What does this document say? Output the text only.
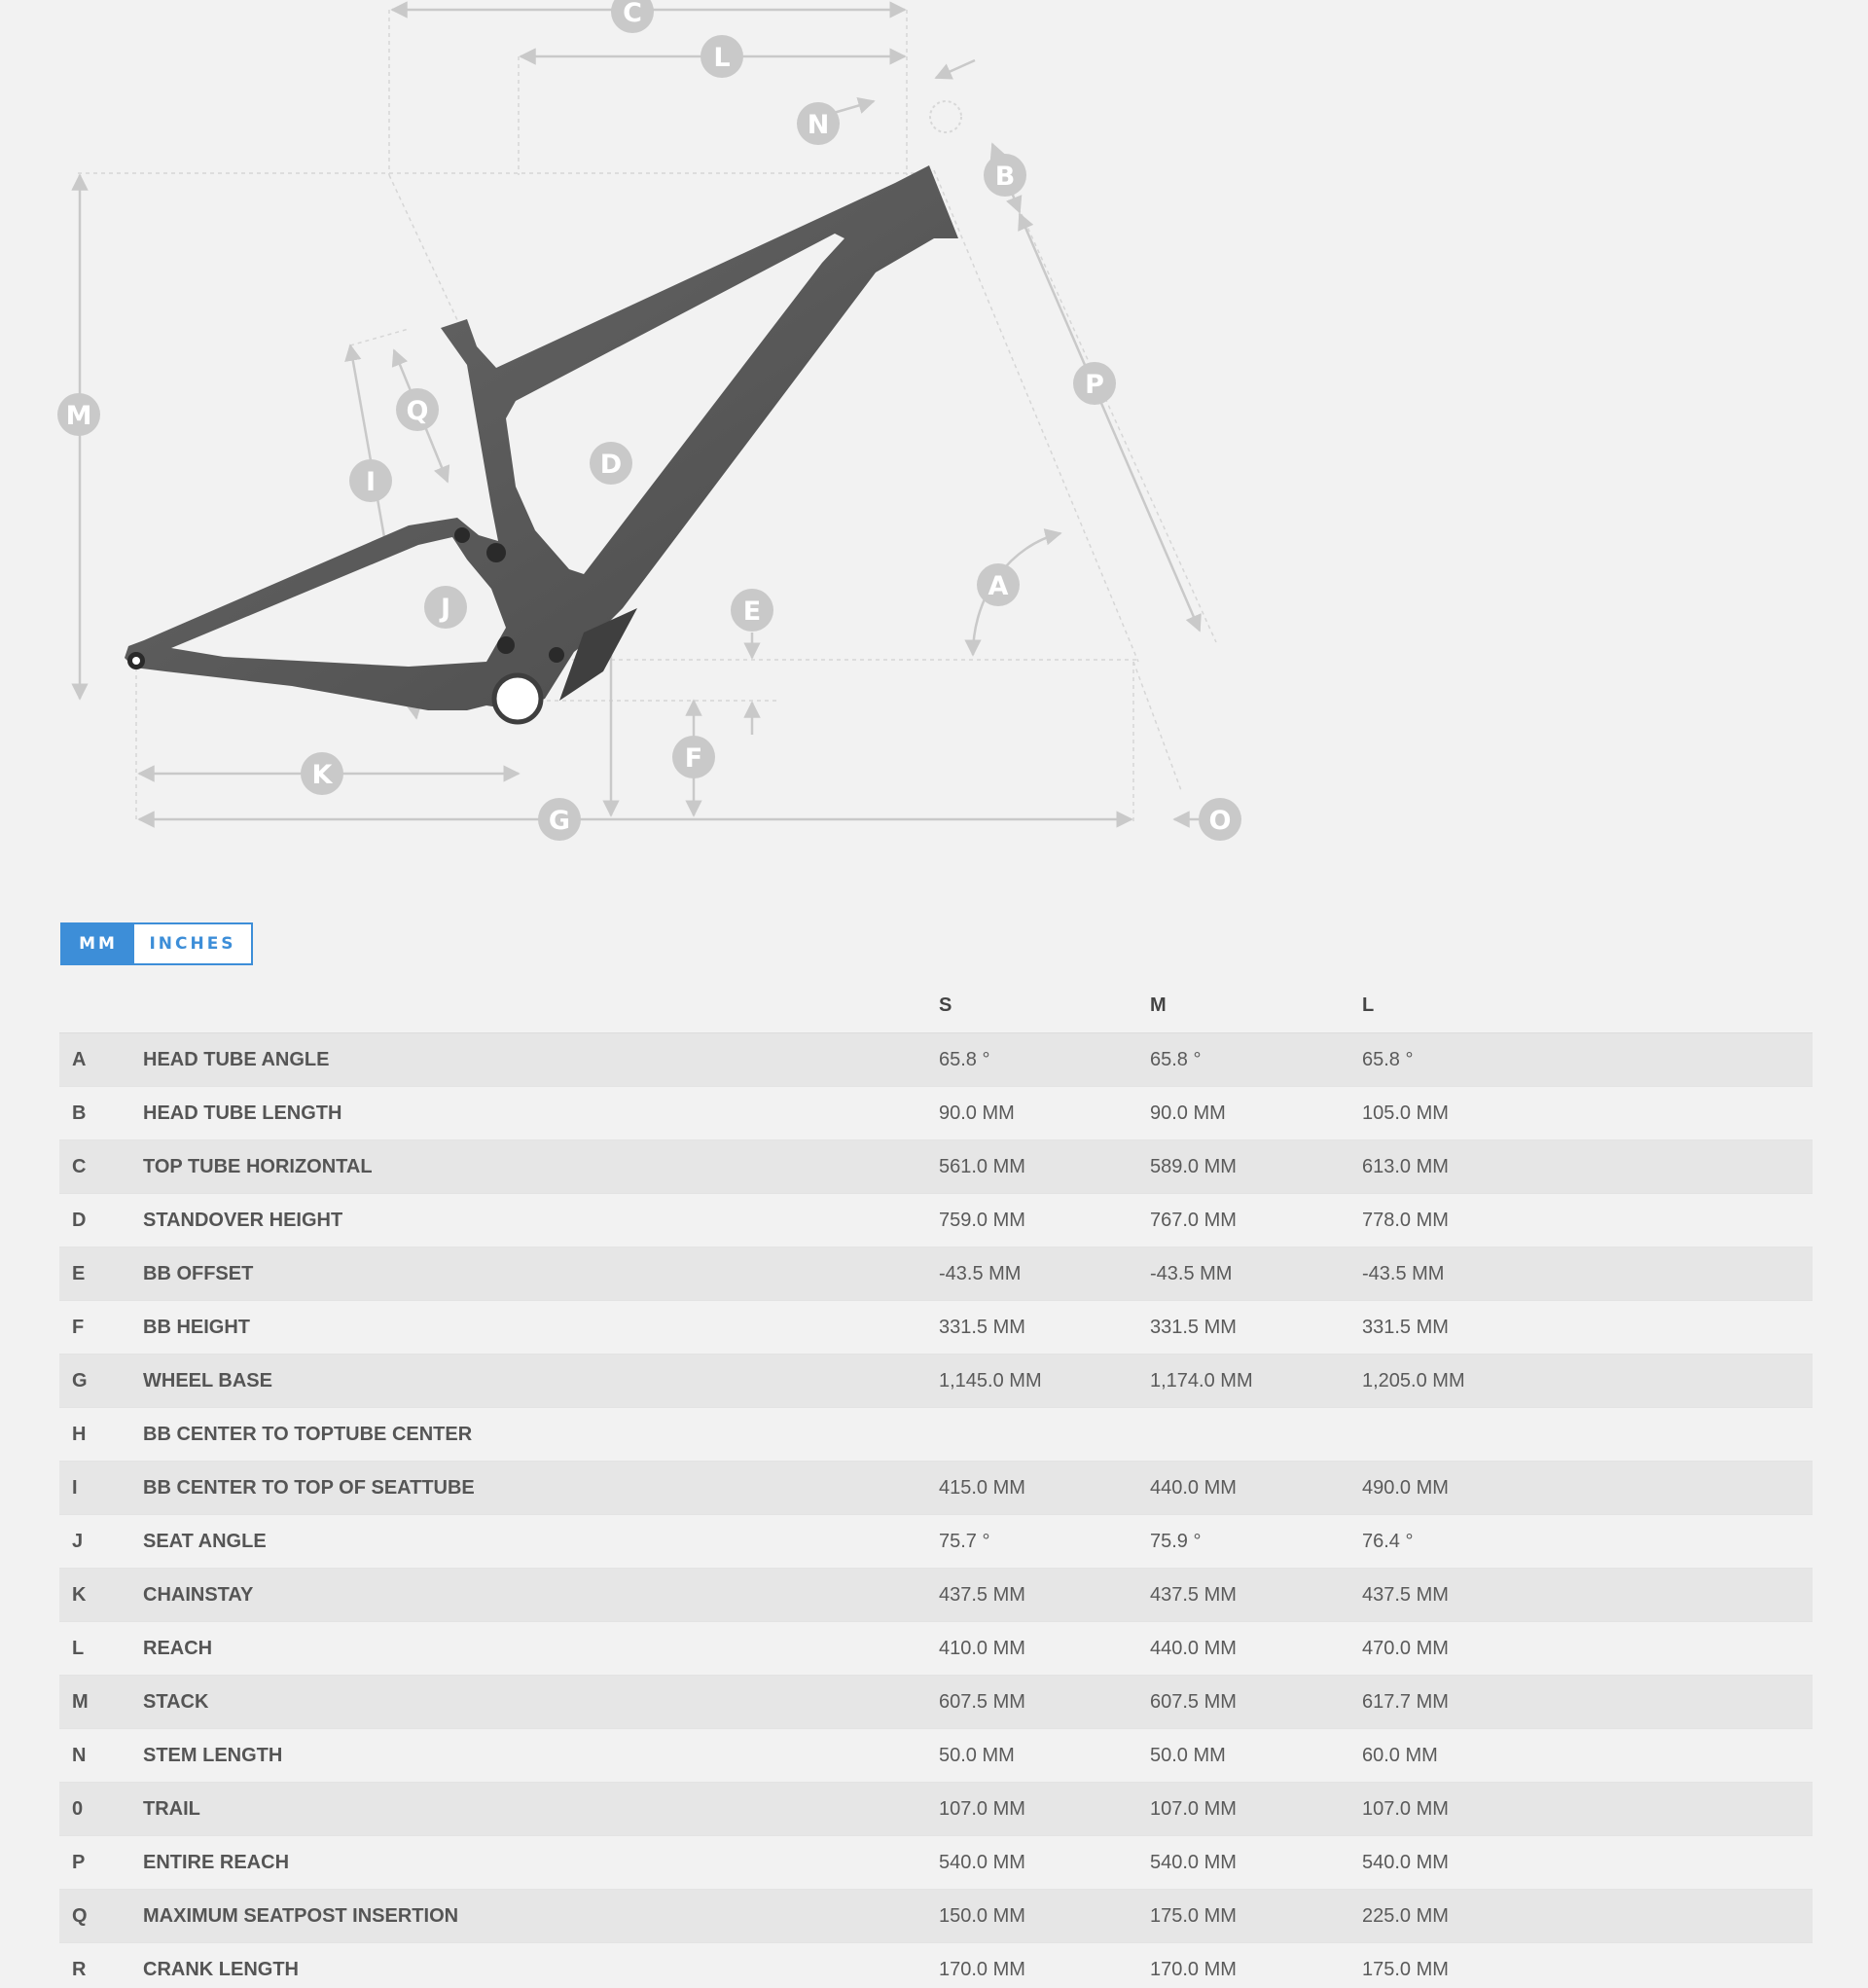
C
L
N
B
M	Q
I
D
P
A
J	E
F
K
G	O
MM	INCHES
S	M	L
A	HEAD TUBE ANGLE	65.8 °	65.8 °	65.8 °
B	HEAD TUBE LENGTH	90.0 MM	90.0 MM	105.0 MM
C	TOP TUBE HORIZONTAL	561.0 MM	589.0 MM	613.0 MM
D	STANDOVER HEIGHT	759.0 MM	767.0 MM	778.0 MM
E	BB OFFSET	-43.5 MM	-43.5 MM	-43.5 MM
F	BB HEIGHT	331.5 MM	331.5 MM	331.5 MM
G	WHEEL BASE	1,145.0 MM	1,174.0 MM	1,205.0 MM
H	BB CENTER TO TOPTUBE CENTER
I	BB CENTER TO TOP OF SEATTUBE	415.0 MM	440.0 MM	490.0 MM
J	SEAT ANGLE	75.7 °	75.9 °	76.4 °
K	CHAINSTAY	437.5 MM	437.5 MM	437.5 MM
L	REACH	410.0 MM	440.0 MM	470.0 MM
M	STACK	607.5 MM	607.5 MM	617.7 MM
N	STEM LENGTH	50.0 MM	50.0 MM	60.0 MM
0	TRAIL	107.0 MM	107.0 MM	107.0 MM
P	ENTIRE REACH	540.0 MM	540.0 MM	540.0 MM
Q	MAXIMUM SEATPOST INSERTION	150.0 MM	175.0 MM	225.0 MM
R	CRANK LENGTH	170.0 MM	170.0 MM	175.0 MM
